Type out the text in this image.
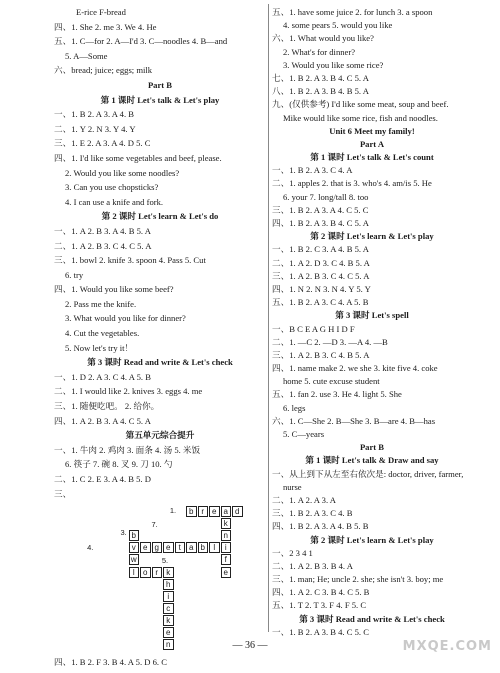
E-rice F-bread
四、1. She 2. me 3. We 4. He
五、1. C—for 2. A—I'd 3. C—noodles 4. B—and
5. A—Some
六、bread; juice; eggs; milk
Part B
第 1 课时 Let's talk & Let's play
一、1. B 2. A 3. A 4. B
二、1. Y 2. N 3. Y 4. Y
三、1. E 2. A 3. A 4. D 5. C
四、1. I'd like some vegetables and beef, please.
2. Would you like some noodles?
3. Can you use chopsticks?
4. I can use a knife and fork.
第 2 课时 Let's learn & Let's do
一、1. A 2. B 3. A 4. B 5. A
二、1. A 2. B 3. C 4. C 5. A
三、1. bowl 2. knife 3. spoon 4. Pass 5. Cut
6. try
四、1. Would you like some beef?
2. Pass me the knife.
3. What would you like for dinner?
4. Cut the vegetables.
5. Now let's try it！
第 3 课时 Read and write & Let's check
一、1. D 2. A 3. C 4. A 5. B
二、1. I would like 2. knives 3. eggs 4. me
三、1. 随便吃吧。 2. 给你。
四、1. A 2. B 3. A 4. C 5. A
第五单元综合提升
一、1. 牛肉 2. 鸡肉 3. 面条 4. 汤 5. 米饭
6. 筷子 7. 碗 8. 叉 9. 刀 10. 勺
二、1. C 2. E 3. A 4. B 5. D
三、
b r e a d
k
n
i
f
e
v e g e	t	a b	l
b
w
l	o r	k
h
i
c
k
e
n
7.
1.
4.
3.
5.
四、1. B 2. F 3. B 4. A 5. D 6. C
五、1. have some juice 2. for lunch 3. a spoon
4. some pears 5. would you like
六、1. What would you like?
2. What's for dinner?
3. Would you like some rice?
七、1. B 2. A 3. B 4. C 5. A
八、1. B 2. A 3. B 4. B 5. A
九、(仅供参考) I'd like some meat, soup and beef.
Mike would like some rice, fish and noodles.
Unit 6 Meet my family!
Part A
第 1 课时 Let's talk & Let's count
一、1. B 2. A 3. C 4. A
二、1. apples 2. that is 3. who's 4. am/is 5. He
6. your 7. long/tall 8. too
三、1. B 2. A 3. A 4. C 5. C
四、1. B 2. A 3. B 4. C 5. A
第 2 课时 Let's learn & Let's play
一、1. B 2. C 3. A 4. B 5. A
二、1. A 2. D 3. C 4. B 5. A
三、1. A 2. B 3. C 4. C 5. A
四、1. N 2. N 3. N 4. Y 5. Y
五、1. B 2. A 3. C 4. A 5. B
第 3 课时 Let's spell
一、B C E A G H I D F
二、1. —C 2. —D 3. —A 4. —B
三、1. A 2. B 3. C 4. B 5. A
四、1. name make 2. we she 3. kite five 4. coke
home 5. cute excuse student
五、1. fan 2. use 3. He 4. light 5. She
6. legs
六、1. C—She 2. B—She 3. B—are 4. B—has
5. C—years
Part B
第 1 课时 Let's talk & Draw and say
一、从上到下从左至右依次是: doctor, driver, farmer,
nurse
二、1. A 2. A 3. A
三、1. B 2. A 3. C 4. B
四、1. B 2. A 3. A 4. B 5. B
第 2 课时 Let's learn & Let's play
一、2 3 4 1
二、1. A 2. B 3. B 4. A
三、1. man; He; uncle 2. she; she isn't 3. boy; me
四、1. A 2. C 3. B 4. C 5. B
五、1. T 2. T 3. F 4. F 5. C
第 3 课时 Read and write & Let's check
一、1. B 2. A 3. B 4. C 5. C
— 36 —	MXQE.COM
